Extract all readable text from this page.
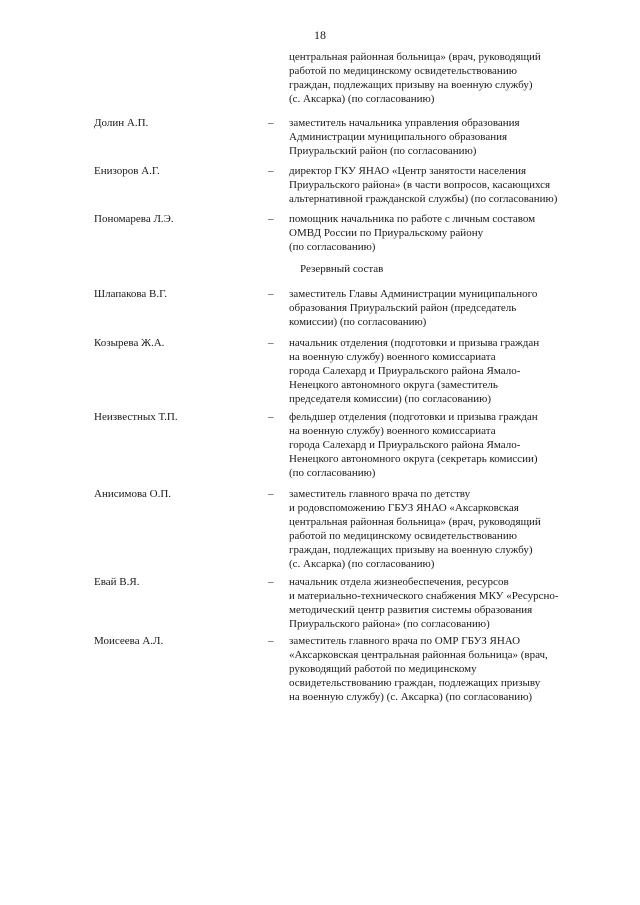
18
центральная районная больница» (врач, руководящий
работой по медицинскому освидетельствованию
граждан, подлежащих призыву на военную службу)
(с. Аксарка) (по согласованию)
Долин А.П.	– заместитель начальника управления образования
Администрации муниципального образования
Приуральский район (по согласованию)
Енизоров А.Г.	– директор ГКУ ЯНАО «Центр занятости населения
Приуральского района» (в части вопросов, касающихся
альтернативной гражданской службы) (по согласованию)
Пономарева Л.Э.	– помощник начальника по работе с личным составом
ОМВД России по Приуральскому району
(по согласованию)
Резервный состав
Шлапакова В.Г.	– заместитель Главы Администрации муниципального
образования Приуральский район (председатель
комиссии) (по согласованию)
Козырева Ж.А.	– начальник отделения (подготовки и призыва граждан
на военную службу) военного комиссариата
города Салехард и Приуральского района Ямало-
Ненецкого автономного округа (заместитель
председателя комиссии) (по согласованию)
Неизвестных Т.П.	– фельдшер отделения (подготовки и призыва граждан
на военную службу) военного комиссариата
города Салехард и Приуральского района Ямало-
Ненецкого автономного округа (секретарь комиссии)
(по согласованию)
Анисимова О.П.	– заместитель главного врача по детству
и родовспоможению ГБУЗ ЯНАО «Аксарковская
центральная районная больница» (врач, руководящий
работой по медицинскому освидетельствованию
граждан, подлежащих призыву на военную службу)
(с. Аксарка) (по согласованию)
Евай В.Я.	– начальник отдела жизнеобеспечения, ресурсов
и материально-технического снабжения МКУ «Ресурсно-
методический центр развития системы образования
Приуральского района» (по согласованию)
Моисеева А.Л.	– заместитель главного врача по ОМР ГБУЗ ЯНАО
«Аксарковская центральная районная больница» (врач,
руководящий работой по медицинскому
освидетельствованию граждан, подлежащих призыву
на военную службу) (с. Аксарка) (по согласованию)
